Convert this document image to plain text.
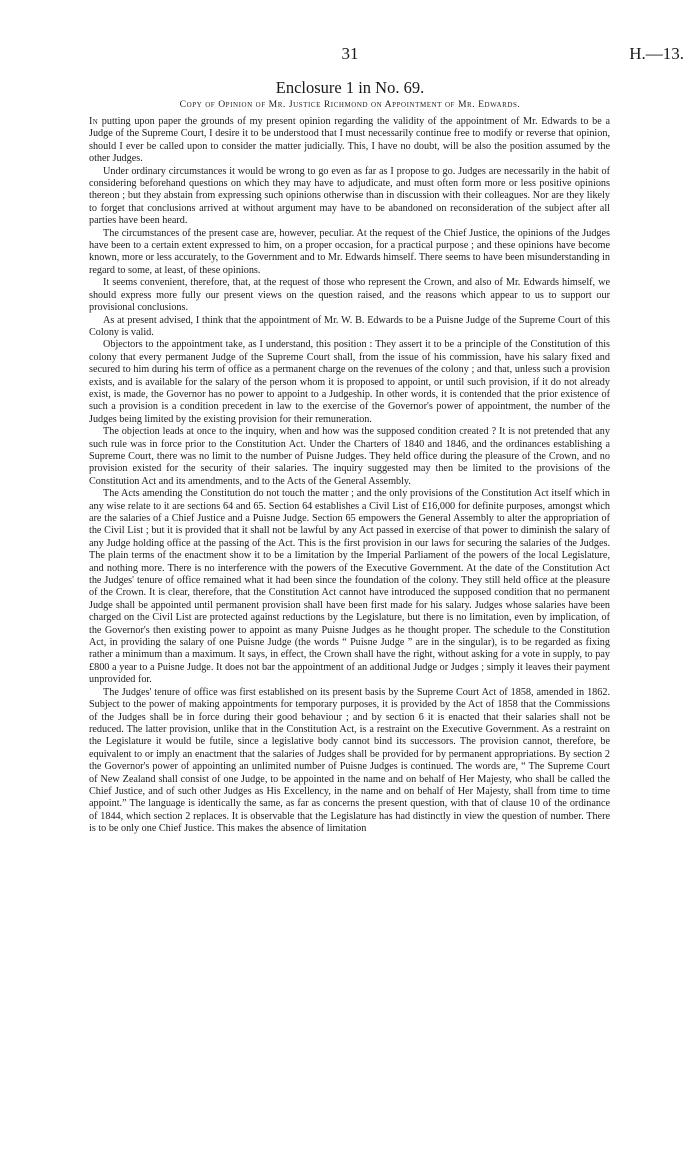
31	H.—13.
Enclosure 1 in No. 69.
Copy of Opinion of Mr. Justice Richmond on Appointment of Mr. Edwards.

In putting upon paper the grounds of my present opinion regarding the validity of the appointment of Mr. Edwards to be a Judge of the Supreme Court, I desire it to be understood that I must necessarily continue free to modify or reverse that opinion, should I ever be called upon to consider the matter judicially. This, I have no doubt, will be also the position assumed by the other Judges.

Under ordinary circumstances it would be wrong to go even as far as I propose to go. Judges are necessarily in the habit of considering beforehand questions on which they may have to adjudicate, and must often form more or less positive opinions thereon ; but they abstain from expressing such opinions otherwise than in discussion with their colleagues. Nor are they likely to forget that conclusions arrived at without argument may have to be abandoned on reconsideration of the subject after all parties have been heard.

The circumstances of the present case are, however, peculiar. At the request of the Chief Justice, the opinions of the Judges have been to a certain extent expressed to him, on a proper occasion, for a practical purpose ; and these opinions have become known, more or less accurately, to the Government and to Mr. Edwards himself. There seems to have been misunderstanding in regard to some, at least, of these opinions.

It seems convenient, therefore, that, at the request of those who represent the Crown, and also of Mr. Edwards himself, we should express more fully our present views on the question raised, and the reasons which appear to us to support our provisional conclusions.

As at present advised, I think that the appointment of Mr. W. B. Edwards to be a Puisne Judge of the Supreme Court of this Colony is valid.

Objectors to the appointment take, as I understand, this position : They assert it to be a principle of the Constitution of this colony that every permanent Judge of the Supreme Court shall, from the issue of his commission, have his salary fixed and secured to him during his term of office as a permanent charge on the revenues of the colony ; and that, unless such a provision exists, and is available for the salary of the person whom it is proposed to appoint, or until such provision, if it do not already exist, is made, the Governor has no power to appoint to a Judgeship. In other words, it is contended that the prior existence of such a provision is a condition precedent in law to the exercise of the Governor's power of appointment, the number of the Judges being limited by the existing provision for their remuneration.

The objection leads at once to the inquiry, when and how was the supposed condition created ? It is not pretended that any such rule was in force prior to the Constitution Act. Under the Charters of 1840 and 1846, and the ordinances establishing a Supreme Court, there was no limit to the number of Puisne Judges. They held office during the pleasure of the Crown, and no provision existed for the security of their salaries. The inquiry suggested may then be limited to the provisions of the Constitution Act and its amendments, and to the Acts of the General Assembly.

The Acts amending the Constitution do not touch the matter ; and the only provisions of the Constitution Act itself which in any wise relate to it are sections 64 and 65. Section 64 establishes a Civil List of £16,000 for definite purposes, amongst which are the salaries of a Chief Justice and a Puisne Judge. Section 65 empowers the General Assembly to alter the appropriation of the Civil List ; but it is provided that it shall not be lawful by any Act passed in exercise of that power to diminish the salary of any Judge holding office at the passing of the Act. This is the first provision in our laws for securing the salaries of the Judges. The plain terms of the enactment show it to be a limitation by the Imperial Parliament of the powers of the local Legislature, and nothing more. There is no interference with the powers of the Executive Government. At the date of the Constitution Act the Judges' tenure of office remained what it had been since the foundation of the colony. They still held office at the pleasure of the Crown. It is clear, therefore, that the Constitution Act cannot have introduced the supposed condition that no permanent Judge shall be appointed until permanent provision shall have been first made for his salary. Judges whose salaries have been charged on the Civil List are protected against reductions by the Legislature, but there is no limitation, even by implication, of the Governor's then existing power to appoint as many Puisne Judges as he thought proper. The schedule to the Constitution Act, in providing the salary of one Puisne Judge (the words “ Puisne Judge ” are in the singular), is to be regarded as fixing rather a minimum than a maximum. It says, in effect, the Crown shall have the right, without asking for a vote in supply, to pay £800 a year to a Puisne Judge. It does not bar the appointment of an additional Judge or Judges ; simply it leaves their payment unprovided for.

The Judges' tenure of office was first established on its present basis by the Supreme Court Act of 1858, amended in 1862. Subject to the power of making appointments for temporary purposes, it is provided by the Act of 1858 that the Commissions of the Judges shall be in force during their good behaviour ; and by section 6 it is enacted that their salaries shall not be reduced. The latter provision, unlike that in the Constitution Act, is a restraint on the Executive Government. As a restraint on the Legislature it would be futile, since a legislative body cannot bind its successors. The provision cannot, therefore, be equivalent to or imply an enactment that the salaries of Judges shall be provided for by permanent appropriations. By section 2 the Governor's power of appointing an unlimited number of Puisne Judges is continued. The words are, “ The Supreme Court of New Zealand shall consist of one Judge, to be appointed in the name and on behalf of Her Majesty, who shall be called the Chief Justice, and of such other Judges as His Excellency, in the name and on behalf of Her Majesty, shall from time to time appoint.” The language is identically the same, as far as concerns the present question, with that of clause 10 of the ordinance of 1844, which section 2 replaces. It is observable that the Legislature has had distinctly in view the question of number. There is to be only one Chief Justice. This makes the absence of limitation
